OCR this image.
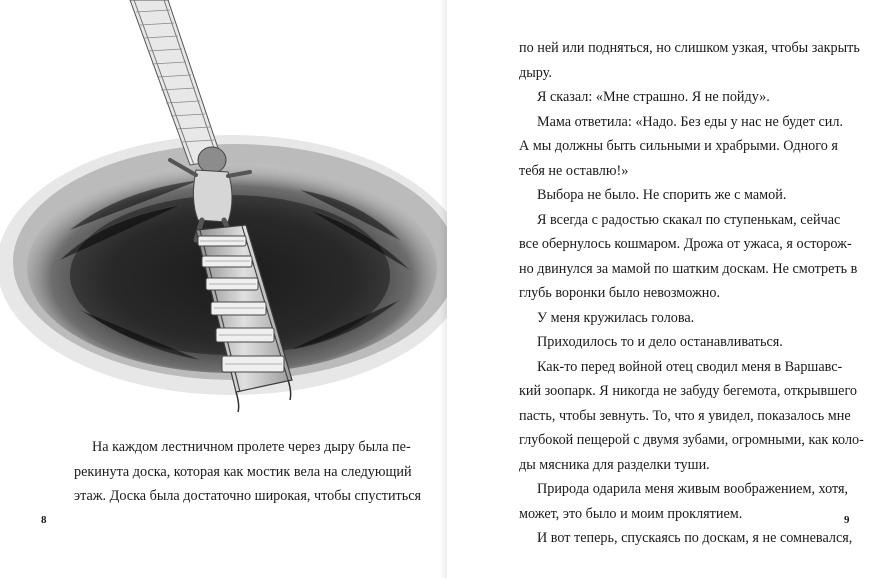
На каждом лестничном пролете через дыру была пе-
рекинута доска, которая как мостик вела на следующий
этаж. Доска была достаточно широкая, чтобы спуститься
8
по ней или подняться, но слишком узкая, чтобы закрыть
дыру.
Я сказал: «Мне страшно. Я не пойду».
Мама ответила: «Надо. Без еды у нас не будет сил.
А мы должны быть сильными и храбрыми. Одного я
тебя не оставлю!»
Выбора не было. Не спорить же с мамой.
Я всегда с радостью скакал по ступенькам, сейчас
все обернулось кошмаром. Дрожа от ужаса, я осторож-
но двинулся за мамой по шатким доскам. Не смотреть в
глубь воронки было невозможно.
У меня кружилась голова.
Приходилось то и дело останавливаться.
Как-то перед войной отец сводил меня в Варшавс-
кий зоопарк. Я никогда не забуду бегемота, открывшего
пасть, чтобы зевнуть. То, что я увидел, показалось мне
глубокой пещерой с двумя зубами, огромными, как коло-
ды мясника для разделки туши.
Природа одарила меня живым воображением, хотя,
может, это было и моим проклятием.
И вот теперь, спускаясь по доскам, я не сомневался,
9
